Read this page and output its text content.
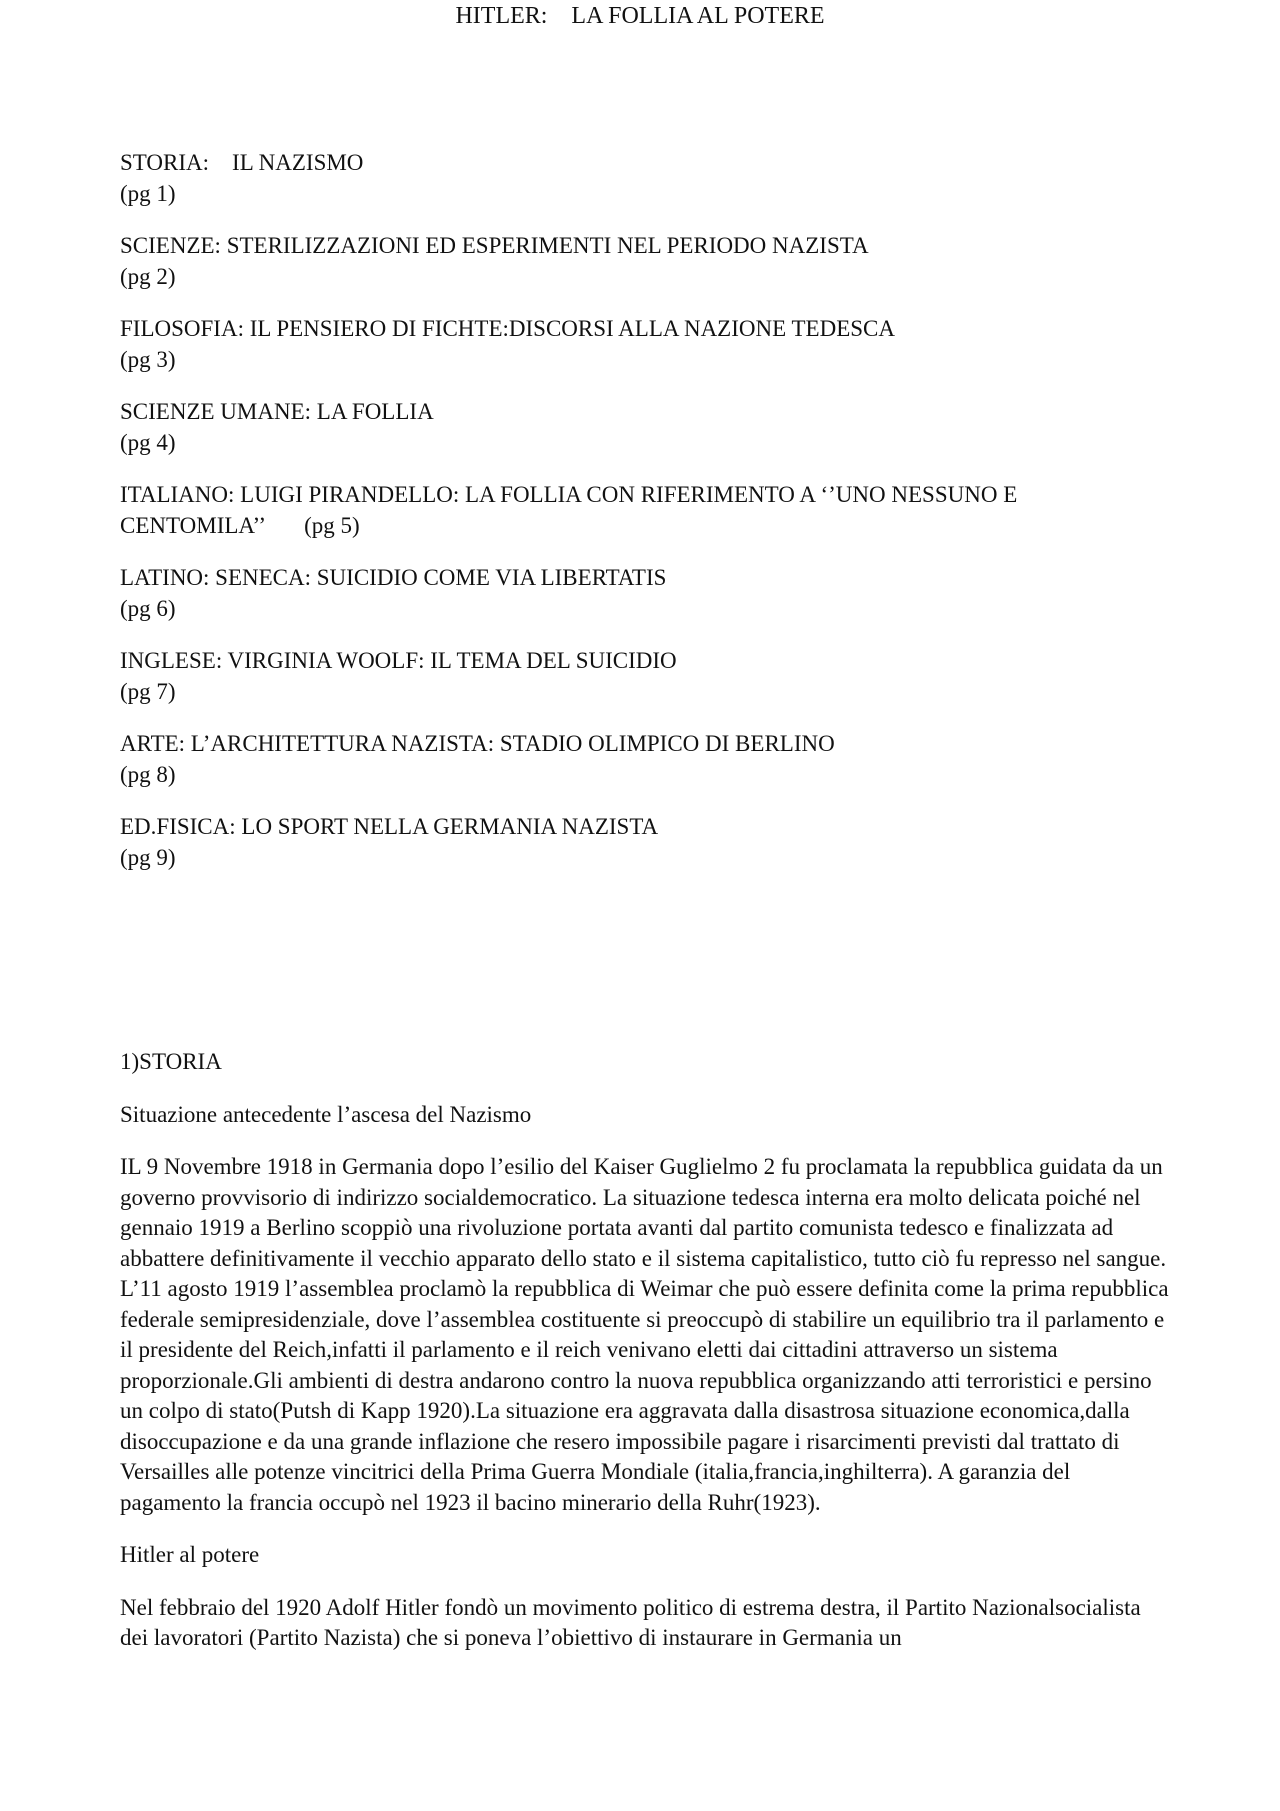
HITLER:    LA FOLLIA AL POTERE
STORIA:    IL NAZISMO
(pg 1)
SCIENZE: STERILIZZAZIONI ED ESPERIMENTI NEL PERIODO NAZISTA
(pg 2)
FILOSOFIA: IL PENSIERO DI FICHTE:DISCORSI ALLA NAZIONE TEDESCA
(pg 3)
SCIENZE UMANE: LA FOLLIA
(pg 4)
ITALIANO: LUIGI PIRANDELLO: LA FOLLIA CON RIFERIMENTO A ‘’UNO NESSUNO E CENTOMILA’’ (pg 5)
LATINO: SENECA: SUICIDIO COME VIA LIBERTATIS
(pg 6)
INGLESE: VIRGINIA WOOLF: IL TEMA DEL SUICIDIO
(pg 7)
ARTE: L’ARCHITETTURA NAZISTA: STADIO OLIMPICO DI BERLINO
(pg 8)
ED.FISICA: LO SPORT NELLA GERMANIA NAZISTA
(pg 9)

1)STORIA

Situazione antecedente l’ascesa del Nazismo

IL 9 Novembre 1918 in Germania dopo l’esilio del Kaiser Guglielmo 2 fu proclamata la repubblica guidata da un governo provvisorio di indirizzo socialdemocratico. La situazione tedesca interna era molto delicata poiché nel gennaio 1919 a Berlino scoppiò una rivoluzione portata avanti dal partito comunista tedesco e finalizzata ad abbattere definitivamente il vecchio apparato dello stato e il sistema capitalistico, tutto ciò fu represso nel sangue. L’11 agosto 1919 l’assemblea proclamò la repubblica di Weimar che può essere definita come la prima repubblica federale semipresidenziale, dove l’assemblea costituente si preoccupò di stabilire un equilibrio tra il parlamento e il presidente del Reich,infatti il parlamento e il reich venivano eletti dai cittadini attraverso un sistema proporzionale.Gli ambienti di destra andarono contro la nuova repubblica organizzando atti terroristici e persino un colpo di stato(Putsh di Kapp 1920).La situazione era aggravata dalla disastrosa situazione economica,dalla disoccupazione e da una grande inflazione che resero impossibile pagare i risarcimenti previsti dal trattato di Versailles alle potenze vincitrici della Prima Guerra Mondiale (italia,francia,inghilterra). A garanzia del pagamento la francia occupò nel 1923 il bacino minerario della Ruhr(1923).

Hitler al potere

Nel febbraio del 1920 Adolf Hitler fondò un movimento politico di estrema destra, il Partito Nazionalsocialista dei lavoratori (Partito Nazista) che si poneva l’obiettivo di instaurare in Germania un
